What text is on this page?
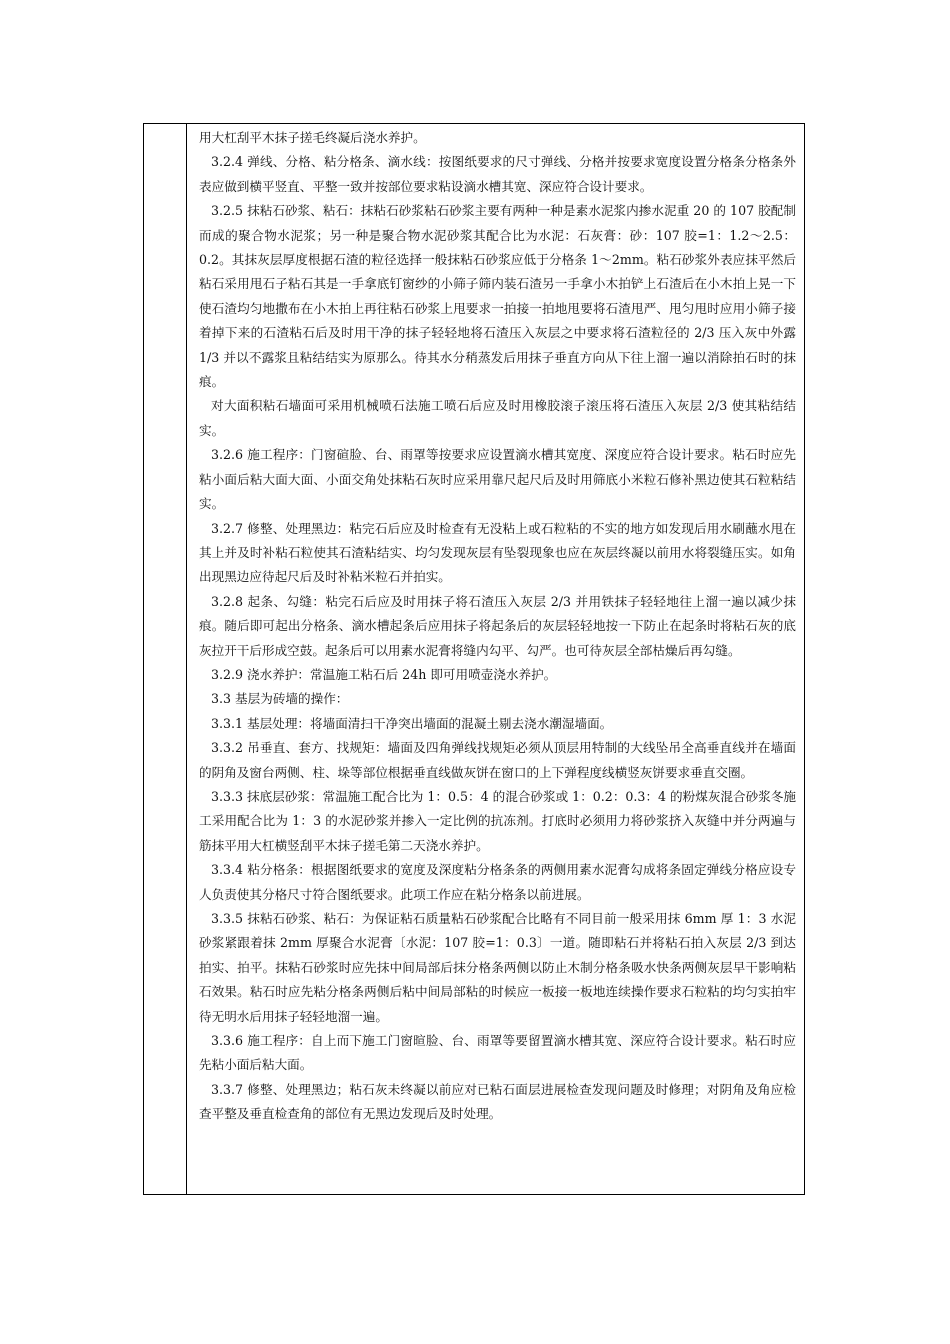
用大杠刮平木抹子搓毛终凝后浇水养护。

3.2.4 弹线、分格、粘分格条、滴水线：按图纸要求的尺寸弹线、分格并按要求宽度设置分格条分格条外表应做到横平竖直、平整一致并按部位要求粘设滴水槽其宽、深应符合设计要求。

3.2.5 抹粘石砂浆、粘石：抹粘石砂浆粘石砂浆主要有两种一种是素水泥浆内掺水泥重 20 的 107 胶配制而成的聚合物水泥浆；另一种是聚合物水泥砂浆其配合比为水泥：石灰膏：砂：107 胶=1：1.2～2.5：0.2。其抹灰层厚度根据石渣的粒径选择一般抹粘石砂浆应低于分格条 1～2mm。粘石砂浆外表应抹平然后粘石采用甩石子粘石其是一手拿底钉窗纱的小筛子筛内装石渣另一手拿小木拍铲上石渣后在小木拍上晃一下使石渣均匀地撒布在小木拍上再往粘石砂浆上甩要求一拍接一拍地甩要将石渣甩严、甩匀甩时应用小筛子接着掉下来的石渣粘石后及时用干净的抹子轻轻地将石渣压入灰层之中要求将石渣粒径的 2/3 压入灰中外露 1/3 并以不露浆且粘结结实为原那么。待其水分稍蒸发后用抹子垂直方向从下往上溜一遍以消除拍石时的抹痕。

对大面积粘石墙面可采用机械喷石法施工喷石后应及时用橡胶滚子滚压将石渣压入灰层 2/3 使其粘结结实。

3.2.6 施工程序：门窗碹脸、台、雨罩等按要求应设置滴水槽其宽度、深度应符合设计要求。粘石时应先粘小面后粘大面大面、小面交角处抹粘石灰时应采用靠尺起尺后及时用筛底小米粒石修补黑边使其石粒粘结实。

3.2.7 修整、处理黑边：粘完石后应及时检查有无没粘上或石粒粘的不实的地方如发现后用水刷蘸水甩在其上并及时补粘石粒使其石渣粘结实、均匀发现灰层有坠裂现象也应在灰层终凝以前用水将裂缝压实。如角出现黑边应待起尺后及时补粘米粒石并拍实。

3.2.8 起条、勾缝：粘完石后应及时用抹子将石渣压入灰层 2/3 并用铁抹子轻轻地往上溜一遍以减少抹痕。随后即可起出分格条、滴水槽起条后应用抹子将起条后的灰层轻轻地按一下防止在起条时将粘石灰的底灰拉开干后形成空鼓。起条后可以用素水泥膏将缝内勾平、勾严。也可待灰层全部枯燥后再勾缝。

3.2.9 浇水养护：常温施工粘石后 24h 即可用喷壶浇水养护。

3.3 基层为砖墙的操作：

3.3.1 基层处理：将墙面清扫干净突出墙面的混凝土剔去浇水潮湿墙面。

3.3.2 吊垂直、套方、找规矩：墙面及四角弹线找规矩必须从顶层用特制的大线坠吊全高垂直线并在墙面的阴角及窗台两侧、柱、垛等部位根据垂直线做灰饼在窗口的上下弹程度线横竖灰饼要求垂直交圈。

3.3.3 抹底层砂浆：常温施工配合比为 1：0.5：4 的混合砂浆或 1：0.2：0.3：4 的粉煤灰混合砂浆冬施工采用配合比为 1：3 的水泥砂浆并掺入一定比例的抗冻剂。打底时必须用力将砂浆挤入灰缝中并分两遍与筋抹平用大杠横竖刮平木抹子搓毛第二天浇水养护。

3.3.4 粘分格条：根据图纸要求的宽度及深度粘分格条条的两侧用素水泥膏勾成将条固定弹线分格应设专人负责使其分格尺寸符合图纸要求。此项工作应在粘分格条以前进展。

3.3.5 抹粘石砂浆、粘石：为保证粘石质量粘石砂浆配合比略有不同目前一般采用抹 6mm 厚 1：3 水泥砂浆紧跟着抹 2mm 厚聚合水泥膏〔水泥：107 胶=1：0.3〕一道。随即粘石并将粘石拍入灰层 2/3 到达拍实、拍平。抹粘石砂浆时应先抹中间局部后抹分格条两侧以防止木制分格条吸水快条两侧灰层早干影响粘石效果。粘石时应先粘分格条两侧后粘中间局部粘的时候应一板接一板地连续操作要求石粒粘的均匀实拍牢待无明水后用抹子轻轻地溜一遍。

3.3.6 施工程序：自上而下施工门窗暄脸、台、雨罩等要留置滴水槽其宽、深应符合设计要求。粘石时应先粘小面后粘大面。

3.3.7 修整、处理黑边；粘石灰未终凝以前应对已粘石面层进展检查发现问题及时修理；对阴角及角应检查平整及垂直检查角的部位有无黑边发现后及时处理。
